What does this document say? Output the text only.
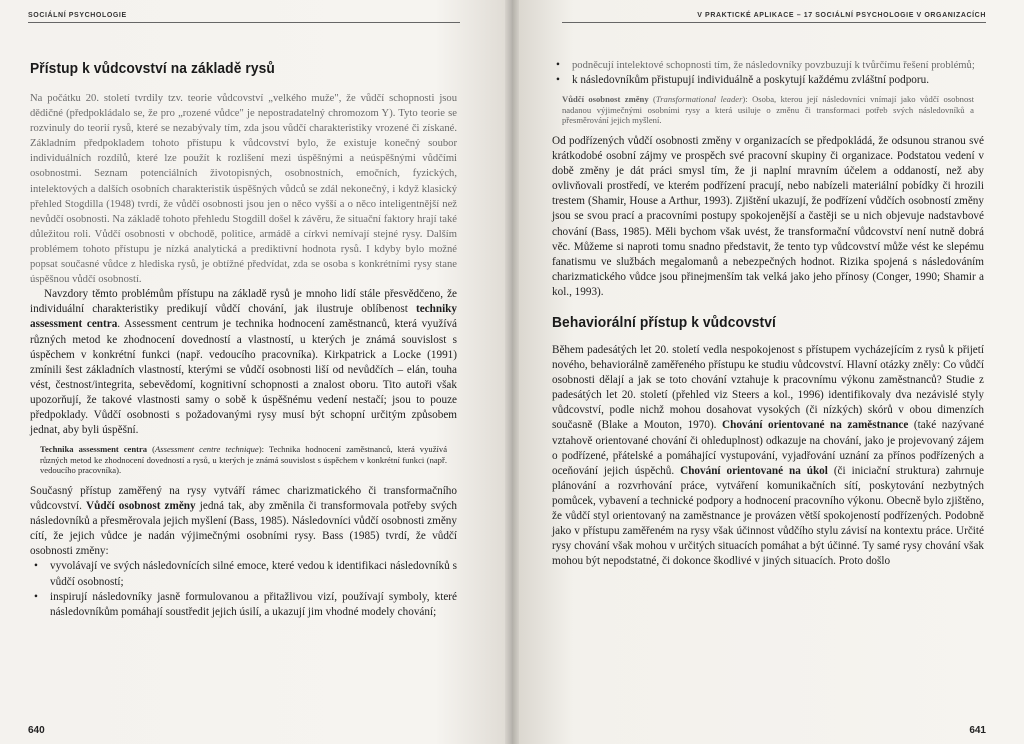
SOCIÁLNÍ PSYCHOLOGIE
Přístup k vůdcovství na základě rysů

Na počátku 20. století tvrdily tzv. teorie vůdcovství „velkého muže", že vůdčí schopnosti jsou dědičné (předpokládalo se, že pro „rozené vůdce" je nepostradatelný chromozom Y). Tyto teorie se rozvinuly do teorií rysů, které se nezabývaly tím, zda jsou vůdčí charakteristiky vrozené či získané. Základním předpokladem tohoto přístupu k vůdcovství bylo, že existuje konečný soubor individuálních rozdílů, které lze použít k rozlišení mezi úspěšnými a neúspěšnými vůdčími osobnostmi. Seznam potenciálních životopisných, osobnostních, emočních, fyzických, intelektových a dalších osobních charakteristik úspěšných vůdců se zdál nekonečný, i když klasický přehled Stogdilla (1948) tvrdí, že vůdčí osobnosti jsou jen o něco vyšší a o něco inteligentnější než nevůdčí osobnosti. Na základě tohoto přehledu Stogdill došel k závěru, že situační faktory hrají také důležitou roli. Vůdčí osobnosti v obchodě, politice, armádě a církvi nemívají stejné rysy. Dalším problémem tohoto přístupu je nízká analytická a prediktivní hodnota rysů. I kdyby bylo možné popsat současné vůdce z hlediska rysů, je obtížné předvídat, zda se osoba s konkrétními rysy stane úspěšnou vůdčí osobností.

Navzdory těmto problémům přístupu na základě rysů je mnoho lidí stále přesvědčeno, že individuální charakteristiky predikují vůdčí chování, jak ilustruje oblíbenost techniky assessment centra. Assessment centrum je technika hodnocení zaměstnanců, která využívá různých metod ke zhodnocení dovedností a vlastností, u kterých je známá souvislost s úspěchem v konkrétní funkci (např. vedoucího pracovníka). Kirkpatrick a Locke (1991) zmínili šest základních vlastností, kterými se vůdčí osobnosti liší od nevůdčích – elán, touha vést, čestnost/integrita, sebevědomí, kognitivní schopnosti a znalost oboru. Tito autoři však upozorňují, že takové vlastnosti samy o sobě k úspěšnému vedení nestačí; jsou to pouze předpoklady. Vůdčí osobnosti s požadovanými rysy musí být schopní určitým způsobem jednat, aby byli úspěšní.

Technika assessment centra (Assessment centre technique): Technika hodnocení zaměstnanců, která využívá různých metod ke zhodnocení dovedností a rysů, u kterých je známá souvislost s úspěchem v konkrétní funkci (např. vedoucího pracovníka).

Současný přístup zaměřený na rysy vytváří rámec charizmatického či transformačního vůdcovství. Vůdčí osobnost změny jedná tak, aby změnila či transformovala potřeby svých následovníků a přesměrovala jejich myšlení (Bass, 1985). Následovníci vůdčí osobnosti změny cítí, že jejich vůdce je nadán výjimečnými osobními rysy. Bass (1985) tvrdí, že vůdčí osobnosti změny:

• vyvolávají ve svých následovnících silné emoce, které vedou k identifikaci následovníků s vůdčí osobností;
• inspirují následovníky jasně formulovanou a přitažlivou vizí, používají symboly, které následovníkům pomáhají soustředit jejich úsilí, a ukazují jim vhodné modely chování;
640
V PRAKTICKÉ APLIKACE – 17 SOCIÁLNÍ PSYCHOLOGIE V ORGANIZACÍCH
• podněcují intelektové schopnosti tím, že následovníky povzbuzují k tvůrčímu řešení problémů;
• k následovníkům přistupují individuálně a poskytují každému zvláštní podporu.
Vůdčí osobnost změny (Transformational leader): Osoba, kterou její následovníci vnímají jako vůdčí osobnost nadanou výjimečnými osobními rysy a která usiluje o změnu či transformaci potřeb svých následovníků a přesměrování jejich myšlení.

Od podřízených vůdčí osobnosti změny v organizacích se předpokládá, že odsunou stranou své krátkodobé osobní zájmy ve prospěch své pracovní skupiny či organizace. Podstatou vedení v době změny je dát práci smysl tím, že ji naplní mravním účelem a oddaností, než aby ovlivňovali prostředí, ve kterém podřízení pracují, nebo nabízeli materiální pobídky či hrozili trestem (Shamir, House a Arthur, 1993). Zjištění ukazují, že podřízení vůdčích osobností změny jsou se svou prací a pracovními postupy spokojenější a častěji se u nich objevuje nadstavbové chování (Bass, 1985). Měli bychom však uvést, že transformační vůdcovství není nutně dobrá věc. Můžeme si naproti tomu snadno představit, že tento typ vůdcovství může vést ke slepému fanatismu ve službách megalomanů a nebezpečných hodnot. Rizika spojená s následováním charizmatického vůdce jsou přinejmenším tak velká jako jeho přínosy (Conger, 1990; Shamir a kol., 1993).

Behaviorální přístup k vůdcovství

Během padesátých let 20. století vedla nespokojenost s přístupem vycházejícím z rysů k přijetí nového, behaviorálně zaměřeného přístupu ke studiu vůdcovství. Hlavní otázky zněly: Co vůdčí osobnosti dělají a jak se toto chování vztahuje k pracovnímu výkonu zaměstnanců? Studie z padesátých let 20. století (přehled viz Steers a kol., 1996) identifikovaly dva nezávislé styly vůdcovství, podle nichž mohou dosahovat vysokých (či nízkých) skórů v obou dimenzích současně (Blake a Mouton, 1970). Chování orientované na zaměstnance (také nazývané vztahově orientované chování či ohleduplnost) odkazuje na chování, jako je projevovaný zájem o podřízené, přátelské a pomáhající vystupování, vyjadřování uznání za přínos podřízených a oceňování jejich úspěchů. Chování orientované na úkol (či iniciační struktura) zahrnuje plánování a rozvrhování práce, vytváření komunikačních sítí, poskytování nezbytných pomůcek, vybavení a technické podpory a hodnocení pracovního výkonu. Obecně bylo zjištěno, že vůdčí styl orientovaný na zaměstnance je provázen větší spokojeností podřízených. Podobně jako v přístupu zaměřeném na rysy však účinnost vůdčího stylu závisí na kontextu práce. Určité rysy chování však mohou v určitých situacích pomáhat a být účinné. Ty samé rysy chování však mohou být nepodstatné, či dokonce škodlivé v jiných situacích. Proto došlo

641
